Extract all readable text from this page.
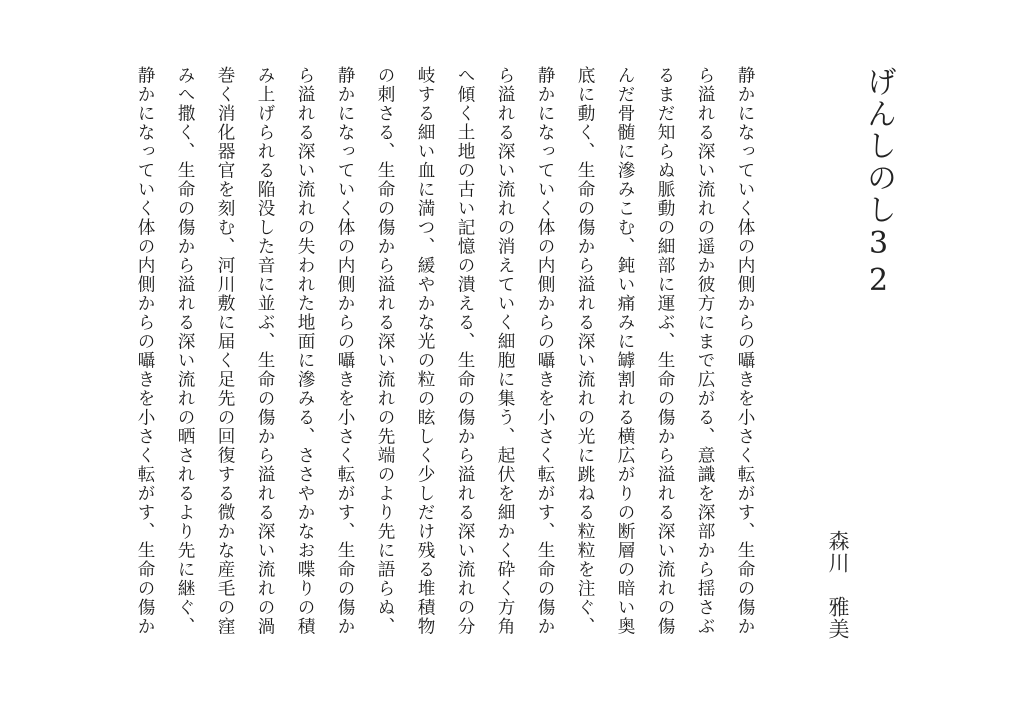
げんしのし32
森川雅美
静かになっていく体の内側からの囁きを小さく転がす、生命の傷か
ら溢れる深い流れの遥か彼方にまで広がる、意識を深部から揺さぶ
るまだ知らぬ脈動の細部に運ぶ、生命の傷から溢れる深い流れの傷
んだ骨髄に滲みこむ、鈍い痛みに罅割れる横広がりの断層の暗い奥
底に動く、生命の傷から溢れる深い流れの光に跳ねる粒粒を注ぐ、
静かになっていく体の内側からの囁きを小さく転がす、生命の傷か
ら溢れる深い流れの消えていく細胞に集う、起伏を細かく砕く方角
へ傾く土地の古い記憶の潰える、生命の傷から溢れる深い流れの分
岐する細い血に満つ、緩やかな光の粒の眩しく少しだけ残る堆積物
の刺さる、生命の傷から溢れる深い流れの先端のより先に語らぬ、
静かになっていく体の内側からの囁きを小さく転がす、生命の傷か
ら溢れる深い流れの失われた地面に滲みる、ささやかなお喋りの積
み上げられる陥没した音に並ぶ、生命の傷から溢れる深い流れの渦
巻く消化器官を刻む、河川敷に届く足先の回復する微かな産毛の窪
みへ撒く、生命の傷から溢れる深い流れの晒されるより先に継ぐ、
静かになっていく体の内側からの囁きを小さく転がす、生命の傷か
